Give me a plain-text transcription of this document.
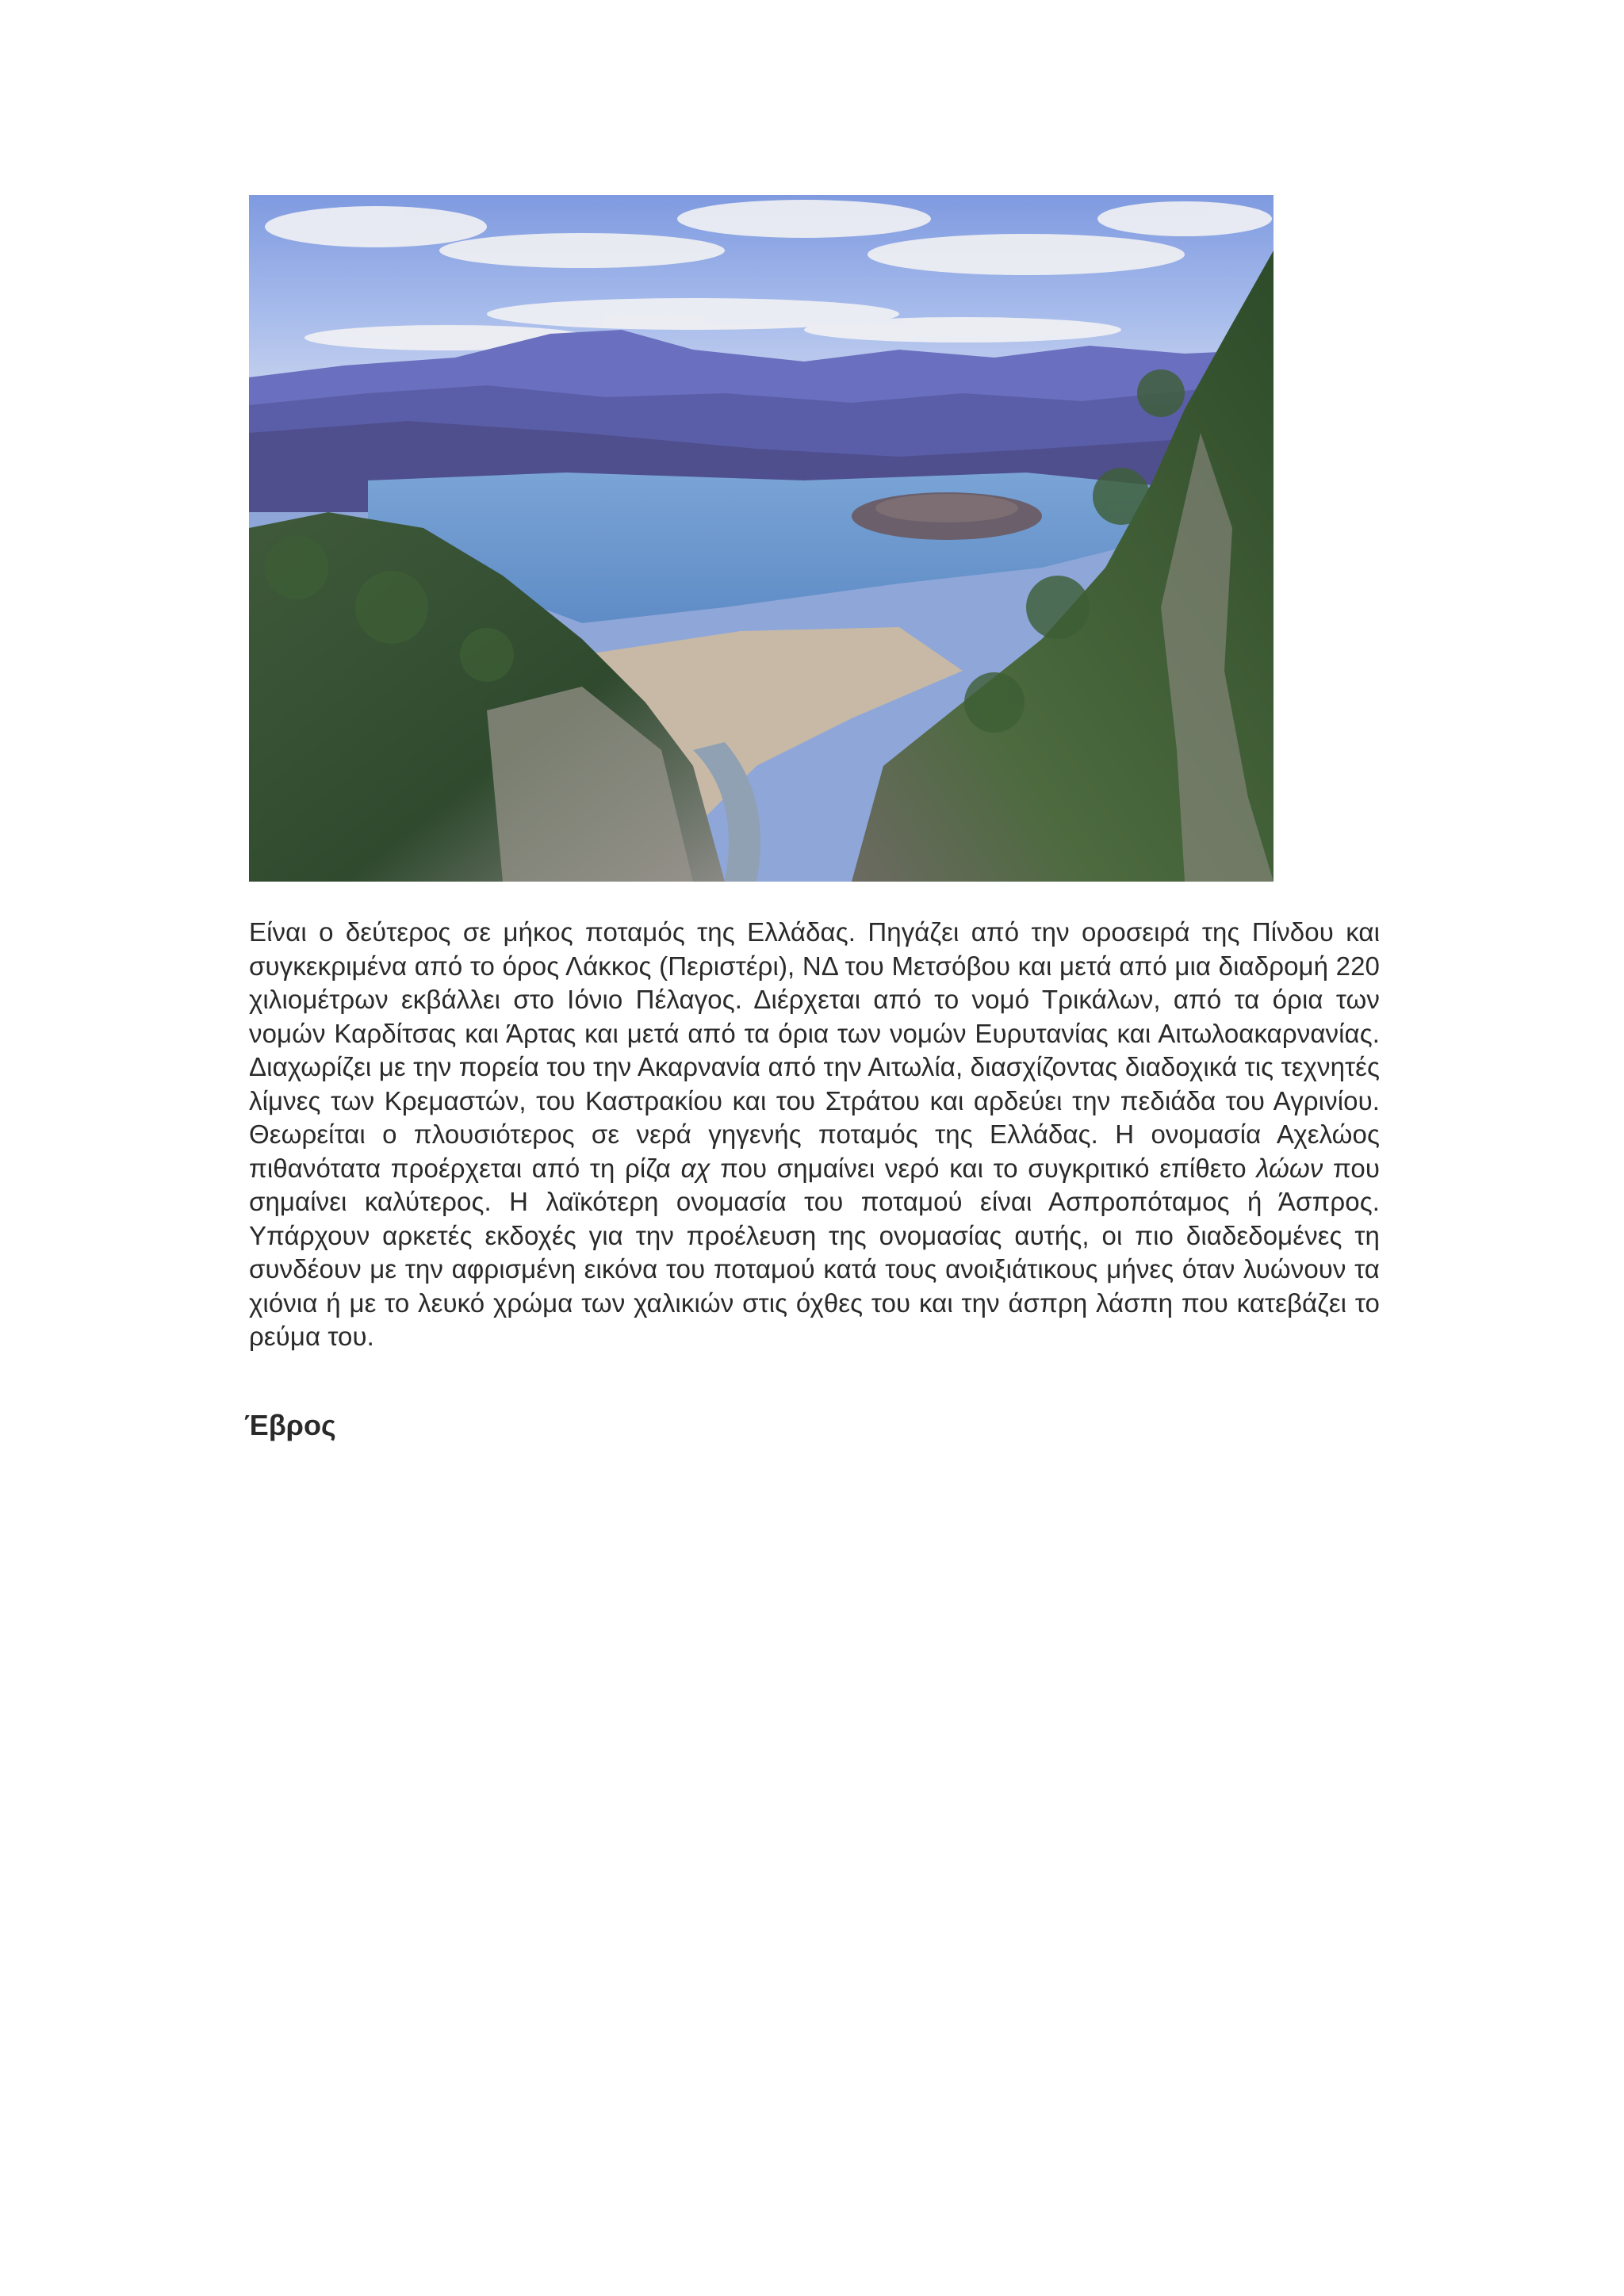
Είναι ο δεύτερος σε μήκος ποταμός της Ελλάδας. Πηγάζει από την οροσειρά της Πίνδου και συγκεκριμένα από το όρος Λάκκος (Περιστέρι), ΝΔ του Μετσόβου και μετά από μια διαδρομή 220 χιλιομέτρων εκβάλλει στο Ιόνιο Πέλαγος. Διέρχεται από το νομό Τρικάλων, από τα όρια των νομών Καρδίτσας και Άρτας και μετά από τα όρια των νομών Ευρυτανίας και Αιτωλοακαρνανίας. Διαχωρίζει με την πορεία του την Ακαρνανία από την Αιτωλία, διασχίζοντας διαδοχικά τις τεχνητές λίμνες των Κρεμαστών, του Καστρακίου και του Στράτου και αρδεύει την πεδιάδα του Αγρινίου. Θεωρείται ο πλουσιότερος σε νερά γηγενής ποταμός της Ελλάδας. Η ονομασία Αχελώος πιθανότατα προέρχεται από τη ρίζα αχ που σημαίνει νερό και το συγκριτικό επίθετο λώων που σημαίνει καλύτερος. Η λαϊκότερη ονομασία του ποταμού είναι Ασπροπόταμος ή Άσπρος. Υπάρχουν αρκετές εκδοχές για την προέλευση της ονομασίας αυτής, οι πιο διαδεδομένες τη συνδέουν με την αφρισμένη εικόνα του ποταμού κατά τους ανοιξιάτικους μήνες όταν λυώνουν τα χιόνια ή με το λευκό χρώμα των χαλικιών στις όχθες του και την άσπρη λάσπη που κατεβάζει το ρεύμα του.

Έβρος
